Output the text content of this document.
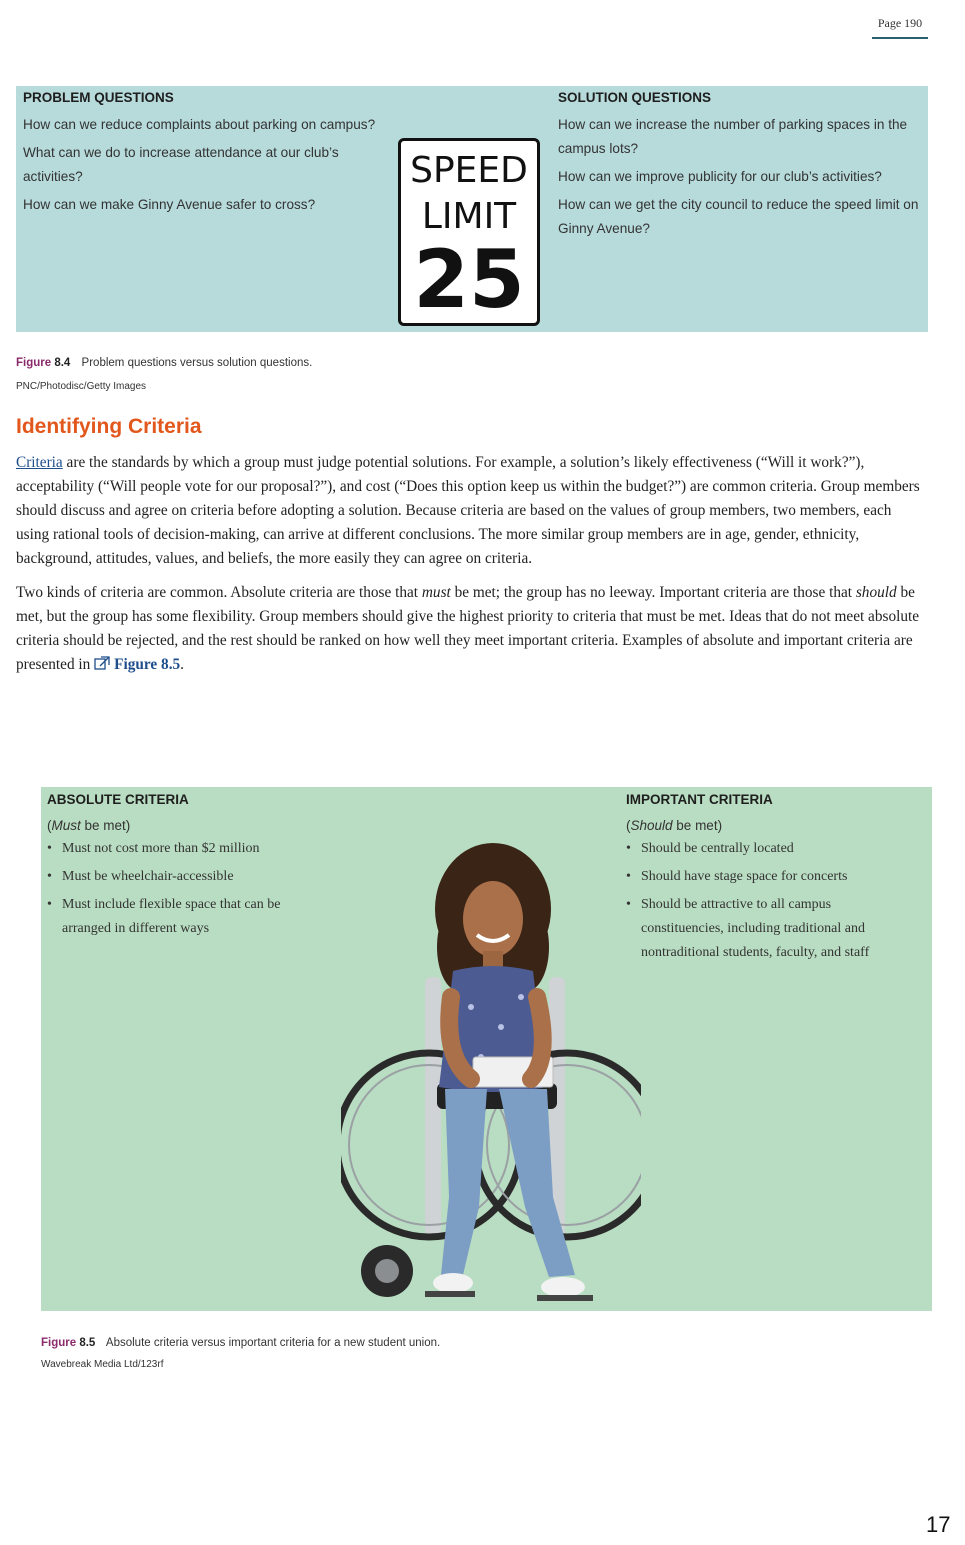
Page 190
PROBLEM QUESTIONS

How can we reduce complaints about parking on campus?

What can we do to increase attendance at our club’s activities?

How can we make Ginny Avenue safer to cross?

SPEED
LIMIT
25
SOLUTION QUESTIONS

How can we increase the number of parking spaces in the campus lots?

How can we improve publicity for our club’s activities?

How can we get the city council to reduce the speed limit on Ginny Avenue?

Figure 8.4 Problem questions versus solution questions.
PNC/Photodisc/Getty Images
Identifying Criteria

Criteria are the standards by which a group must judge potential solutions. For example, a solution’s likely effectiveness (“Will it work?”), acceptability (“Will people vote for our proposal?”), and cost (“Does this option keep us within the budget?”) are common criteria. Group members should discuss and agree on criteria before adopting a solution. Because criteria are based on the values of group members, two members, each using rational tools of decision-making, can arrive at different conclusions. The more similar group members are in age, gender, ethnicity, background, attitudes, values, and beliefs, the more easily they can agree on criteria.

Two kinds of criteria are common. Absolute criteria are those that must be met; the group has no leeway. Important criteria are those that should be met, but the group has some flexibility. Group members should give the highest priority to criteria that must be met. Ideas that do not meet absolute criteria should be rejected, and the rest should be ranked on how well they meet important criteria. Examples of absolute and important criteria are presented in Figure 8.5.

ABSOLUTE CRITERIA
(Must be met)
• Must not cost more than $2 million
• Must be wheelchair-accessible
• Must include flexible space that can be arranged in different ways
IMPORTANT CRITERIA
(Should be met)
• Should be centrally located
• Should have stage space for concerts
• Should be attractive to all campus constituencies, including traditional and nontraditional students, faculty, and staff
Figure 8.5 Absolute criteria versus important criteria for a new student union.
Wavebreak Media Ltd/123rf
17
